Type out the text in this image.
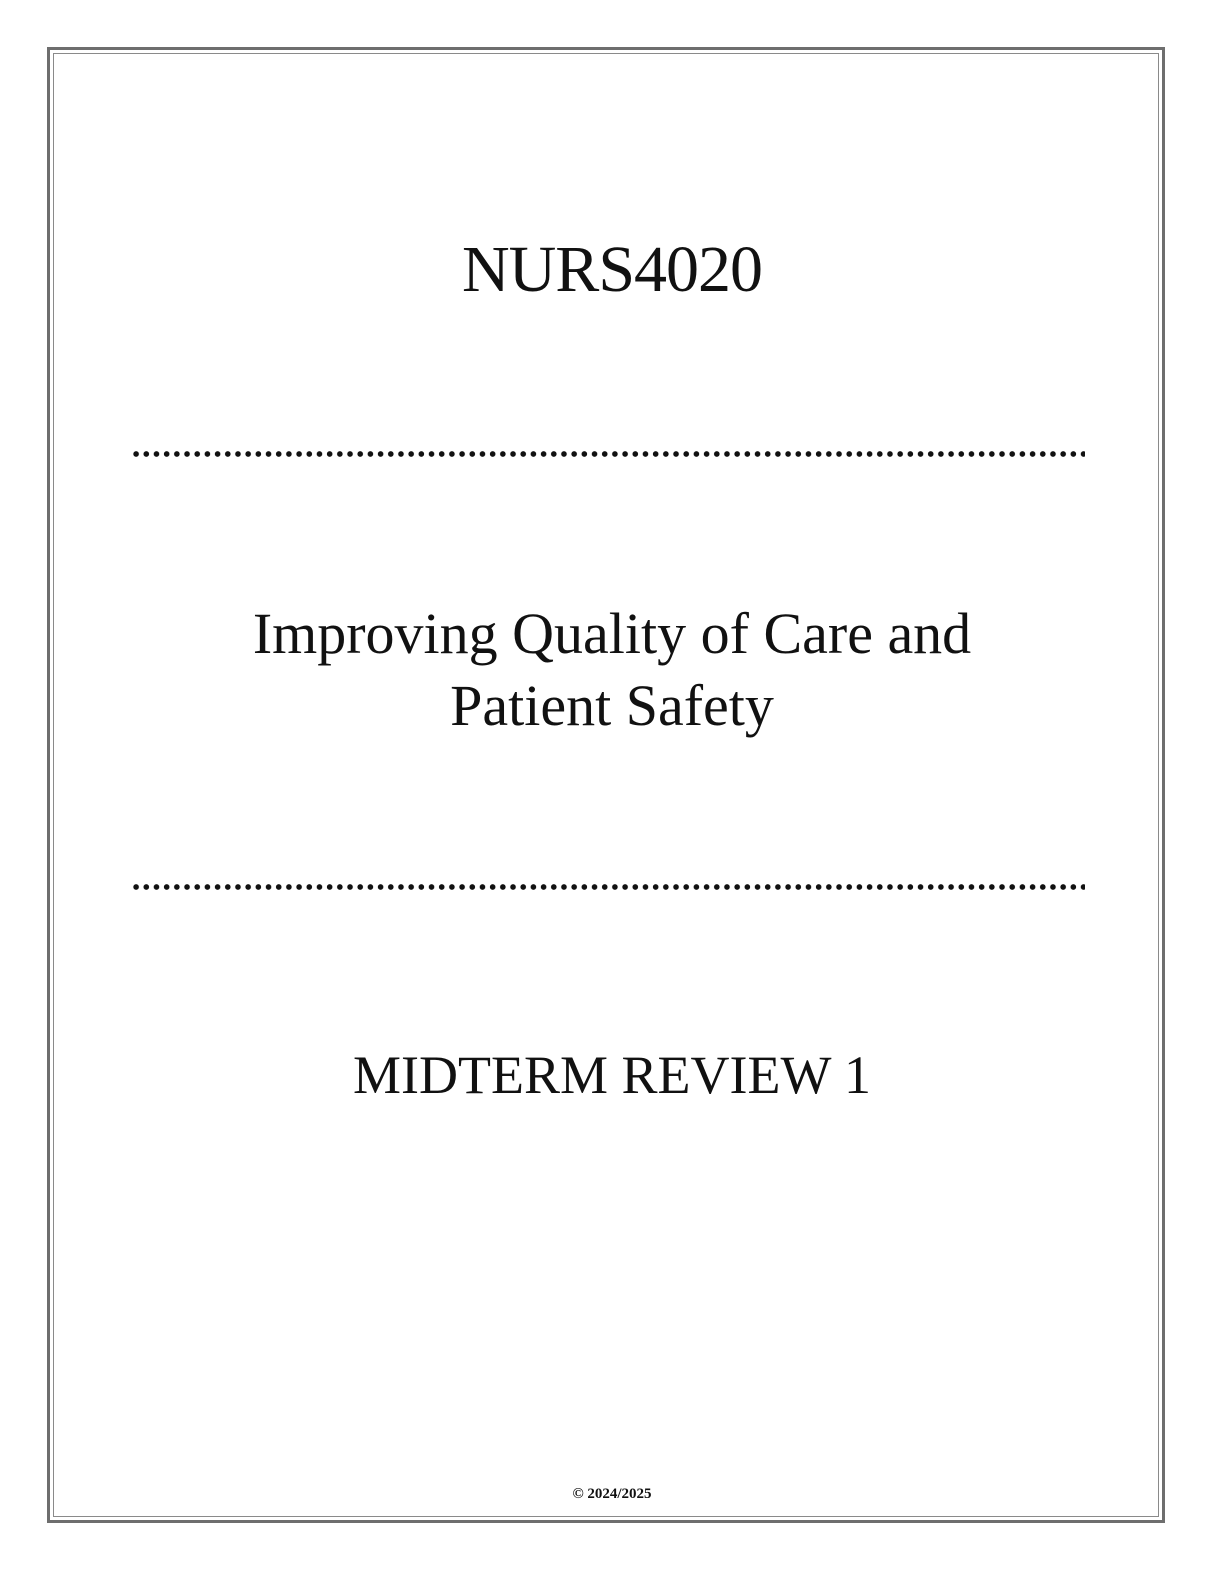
NURS4020
Improving Quality of Care and
Patient Safety
MIDTERM REVIEW 1
© 2024/2025
